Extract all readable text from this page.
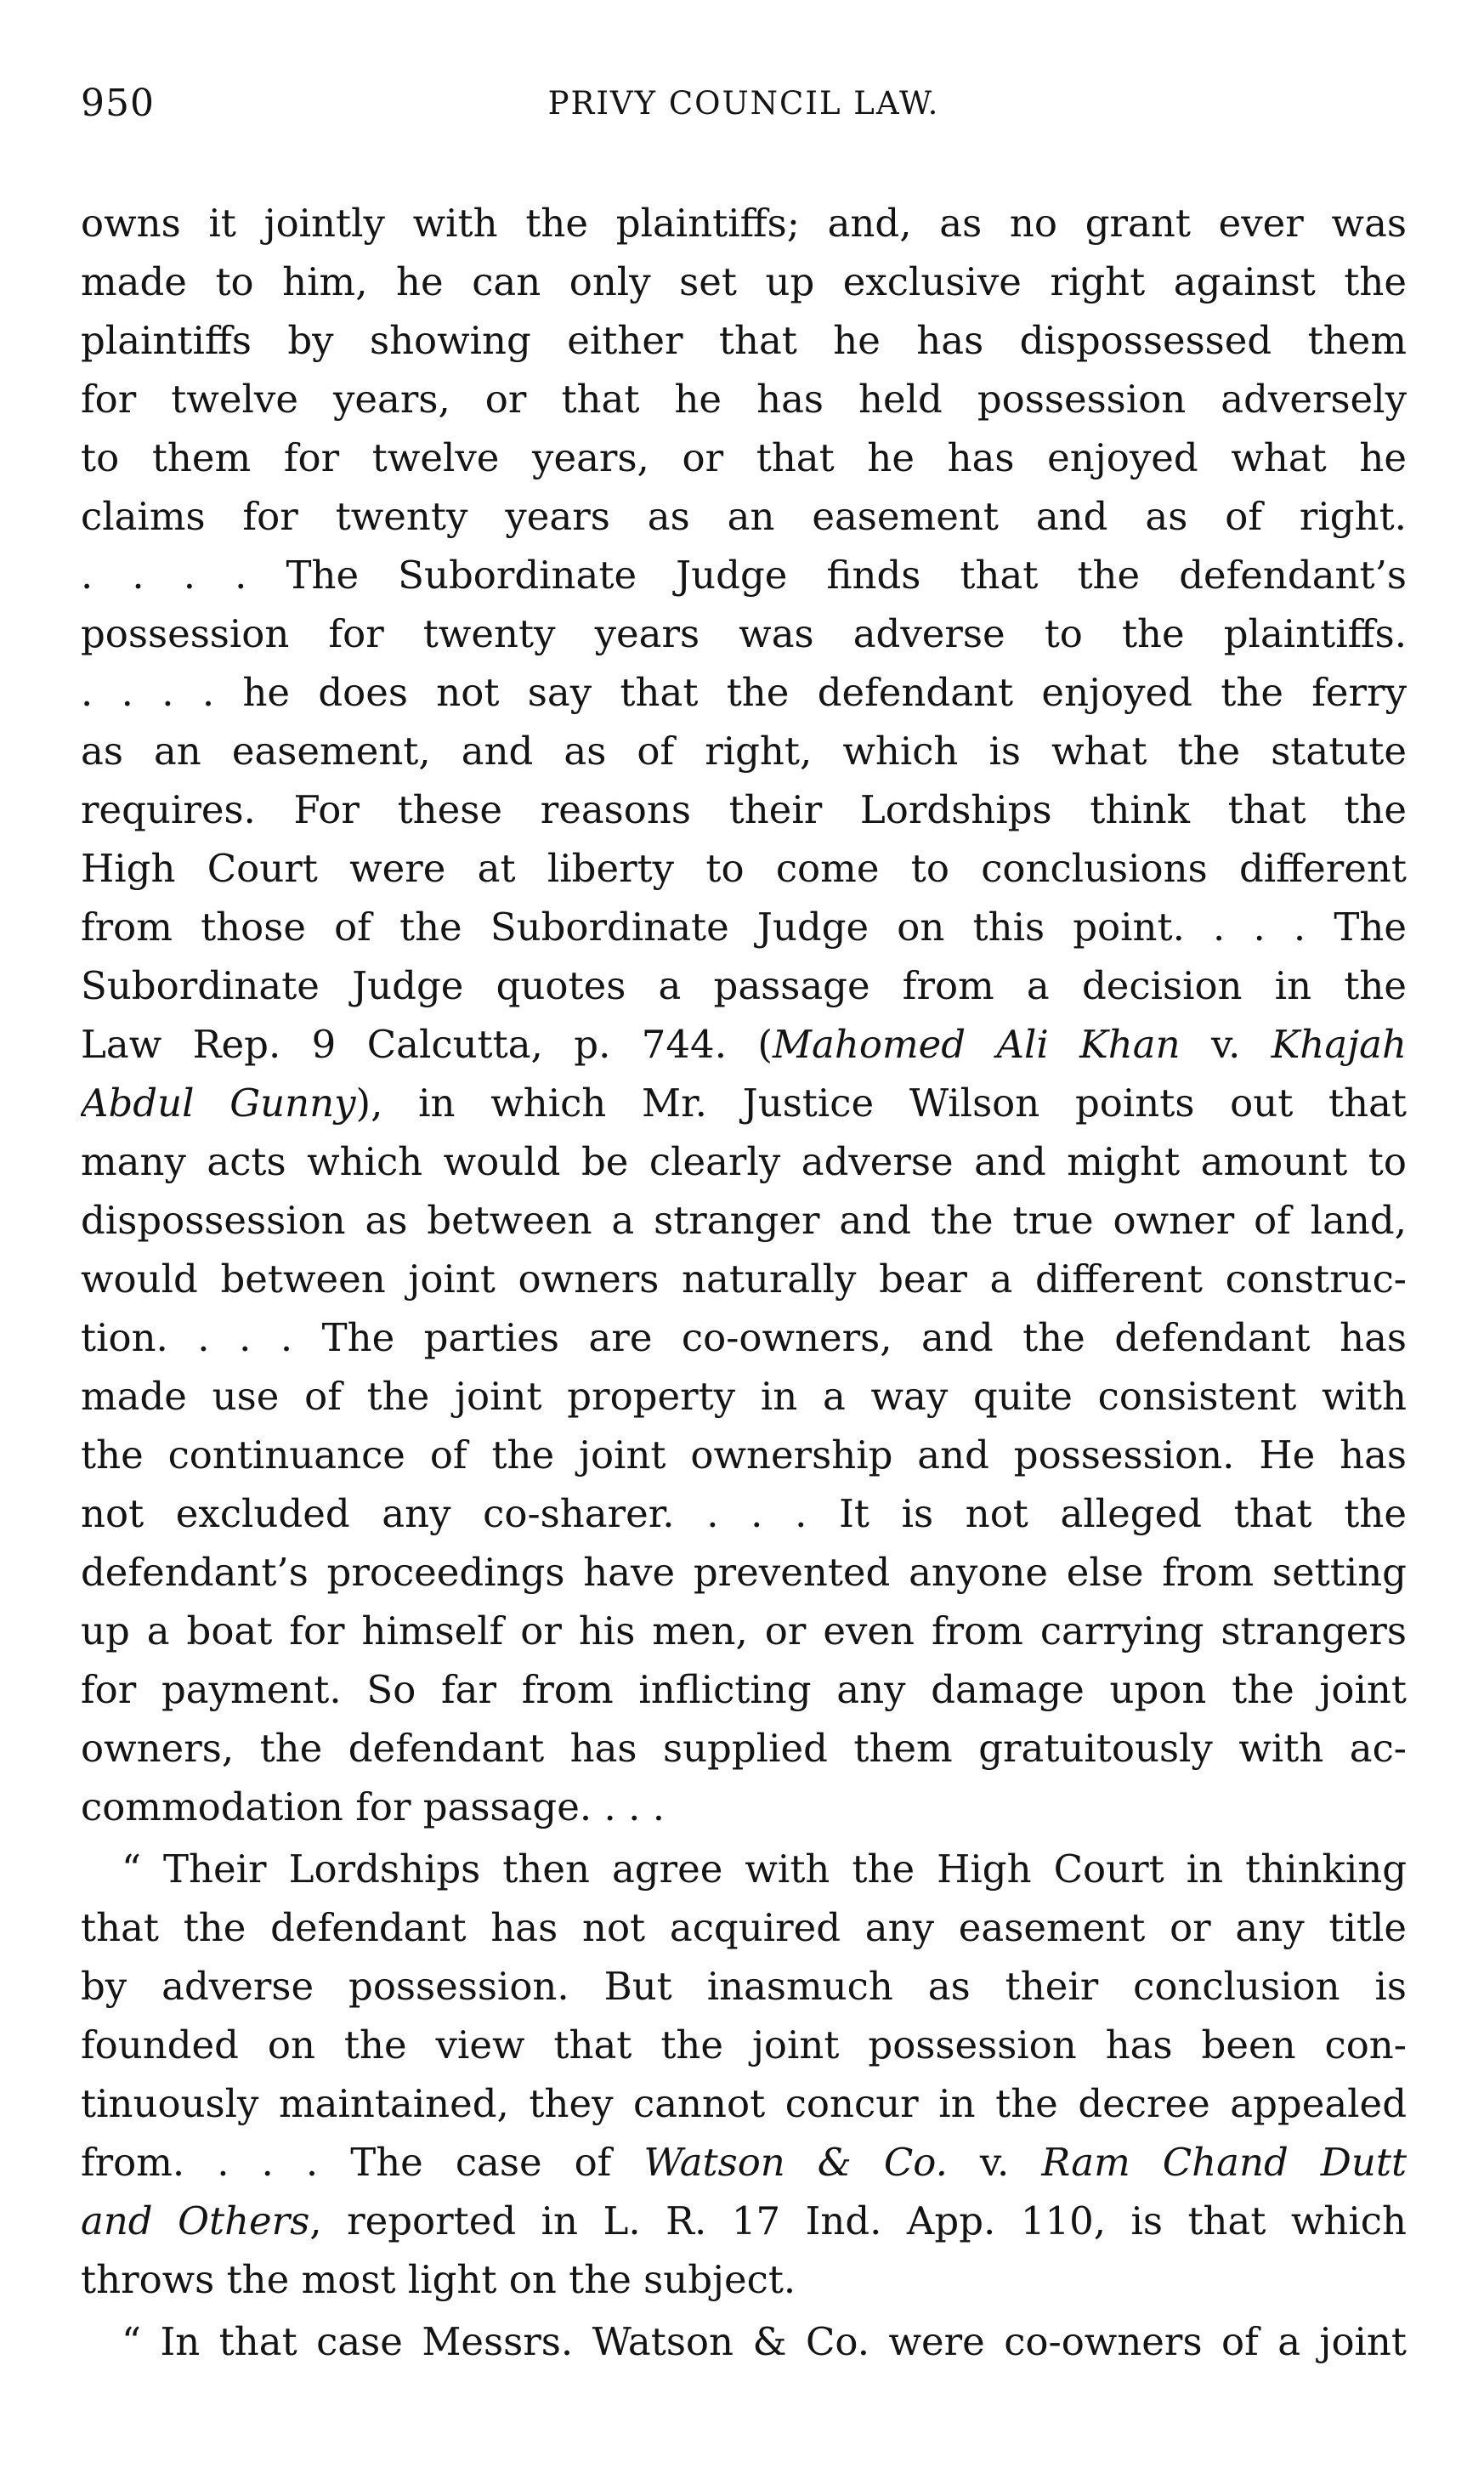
950	PRIVY COUNCIL LAW.
owns it jointly with the plaintiffs; and, as no grant ever was
made to him, he can only set up exclusive right against the
plaintiffs by showing either that he has dispossessed them
for twelve years, or that he has held possession adversely
to them for twelve years, or that he has enjoyed what he
claims for twenty years as an easement and as of right.
. . . . The Subordinate Judge finds that the defendant’s
possession for twenty years was adverse to the plaintiffs.
. . . . he does not say that the defendant enjoyed the ferry
as an easement, and as of right, which is what the statute
requires. For these reasons their Lordships think that the
High Court were at liberty to come to conclusions different
from those of the Subordinate Judge on this point. . . . The
Subordinate Judge quotes a passage from a decision in the
Law Rep. 9 Calcutta, p. 744. (Mahomed Ali Khan v. Khajah
Abdul Gunny), in which Mr. Justice Wilson points out that
many acts which would be clearly adverse and might amount to
dispossession as between a stranger and the true owner of land,
would between joint owners naturally bear a different construc-
tion. . . . The parties are co-owners, and the defendant has
made use of the joint property in a way quite consistent with
the continuance of the joint ownership and possession. He has
not excluded any co-sharer. . . . It is not alleged that the
defendant’s proceedings have prevented anyone else from setting
up a boat for himself or his men, or even from carrying strangers
for payment. So far from inflicting any damage upon the joint
owners, the defendant has supplied them gratuitously with ac-
commodation for passage. . . .
“ Their Lordships then agree with the High Court in thinking
that the defendant has not acquired any easement or any title
by adverse possession. But inasmuch as their conclusion is
founded on the view that the joint possession has been con-
tinuously maintained, they cannot concur in the decree appealed
from. . . . The case of Watson & Co. v. Ram Chand Dutt
and Others, reported in L. R. 17 Ind. App. 110, is that which
throws the most light on the subject.
“ In that case Messrs. Watson & Co. were co-owners of a joint
